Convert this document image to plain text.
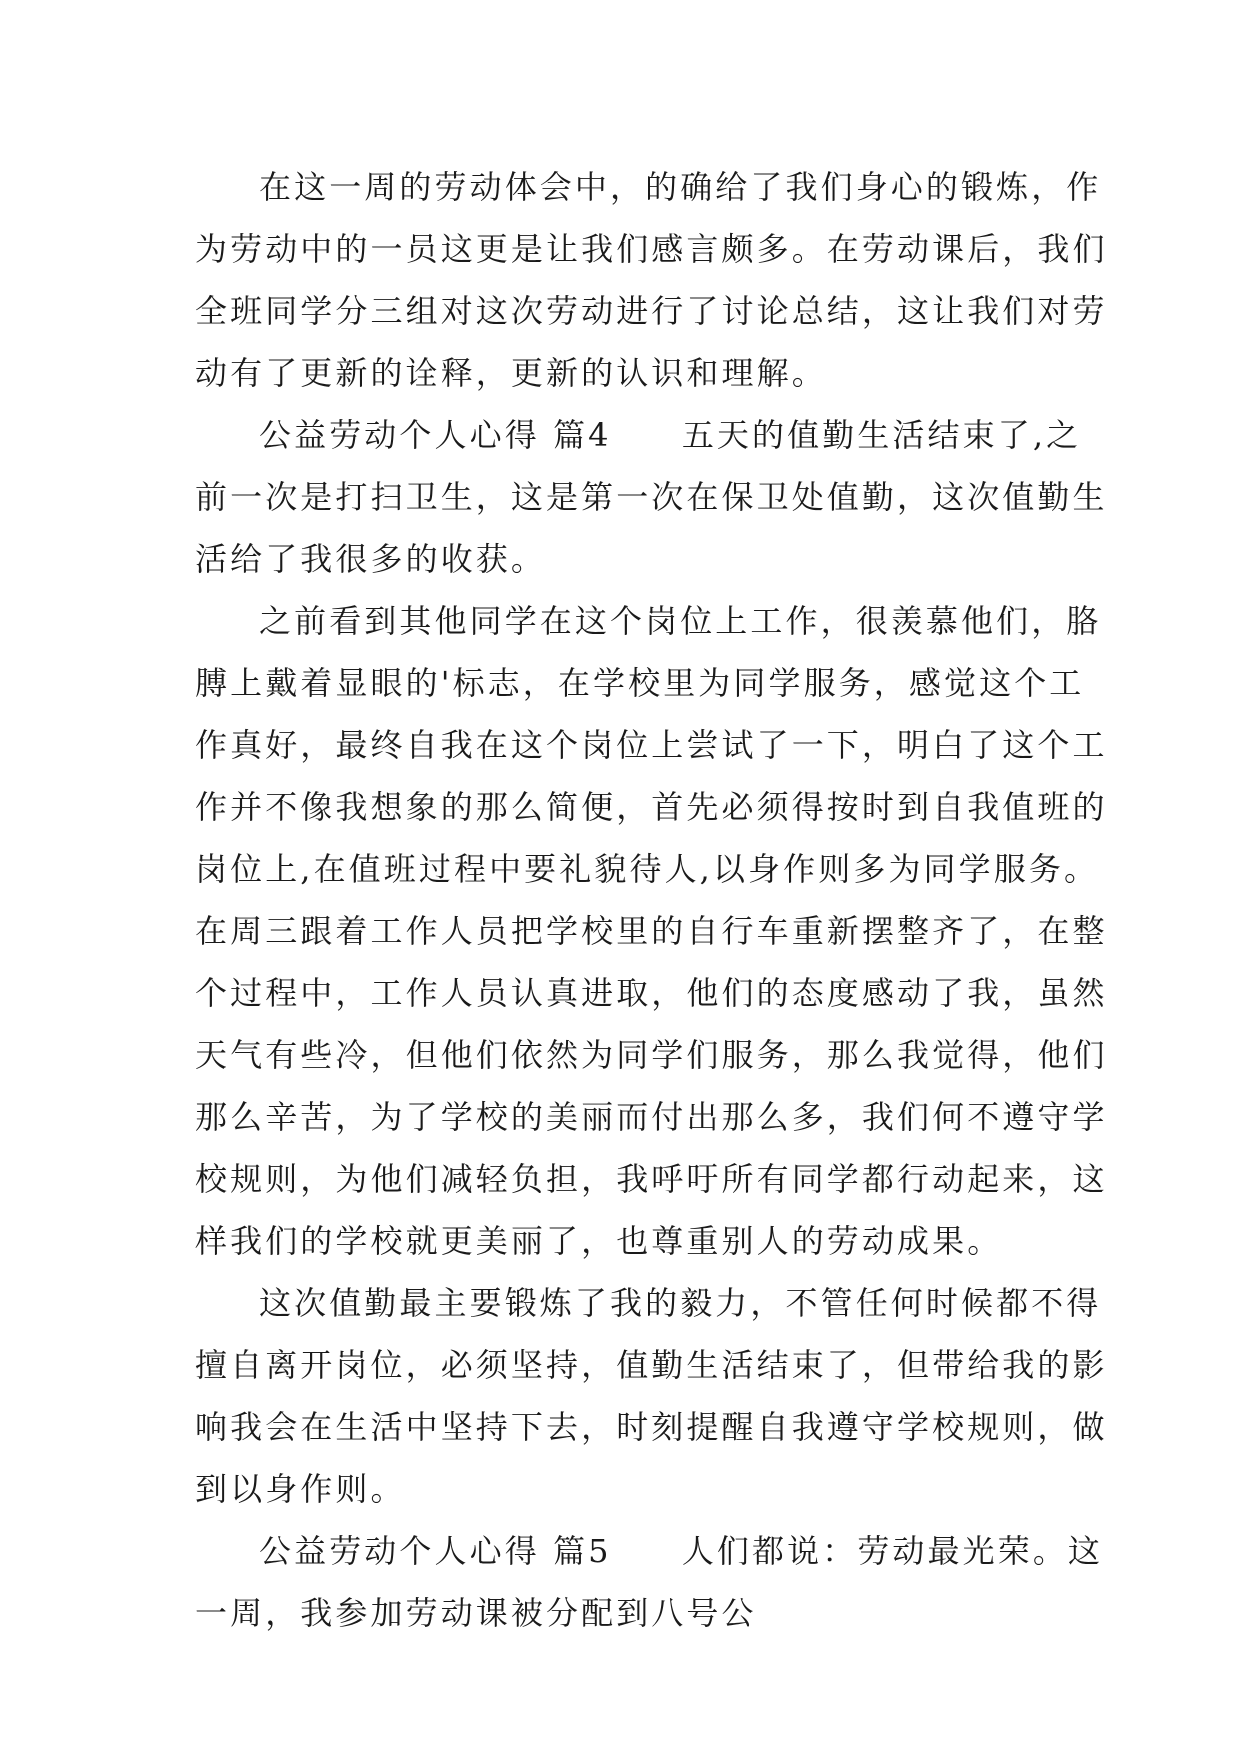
在这一周的劳动体会中，的确给了我们身心的锻炼，作
为劳动中的一员这更是让我们感言颇多。在劳动课后，我们
全班同学分三组对这次劳动进行了讨论总结，这让我们对劳
动有了更新的诠释，更新的认识和理解。
公益劳动个人心得 篇4　　五天的值勤生活结束了,之
前一次是打扫卫生，这是第一次在保卫处值勤，这次值勤生
活给了我很多的收获。
之前看到其他同学在这个岗位上工作，很羡慕他们，胳
膊上戴着显眼的'标志，在学校里为同学服务，感觉这个工
作真好，最终自我在这个岗位上尝试了一下，明白了这个工
作并不像我想象的那么简便，首先必须得按时到自我值班的
岗位上,在值班过程中要礼貌待人,以身作则多为同学服务。
在周三跟着工作人员把学校里的自行车重新摆整齐了，在整
个过程中，工作人员认真进取，他们的态度感动了我，虽然
天气有些冷，但他们依然为同学们服务，那么我觉得，他们
那么辛苦，为了学校的美丽而付出那么多，我们何不遵守学
校规则，为他们减轻负担，我呼吁所有同学都行动起来，这
样我们的学校就更美丽了，也尊重别人的劳动成果。
这次值勤最主要锻炼了我的毅力，不管任何时候都不得
擅自离开岗位，必须坚持，值勤生活结束了，但带给我的影
响我会在生活中坚持下去，时刻提醒自我遵守学校规则，做
到以身作则。
公益劳动个人心得 篇5　　人们都说：劳动最光荣。这
一周，我参加劳动课被分配到八号公
